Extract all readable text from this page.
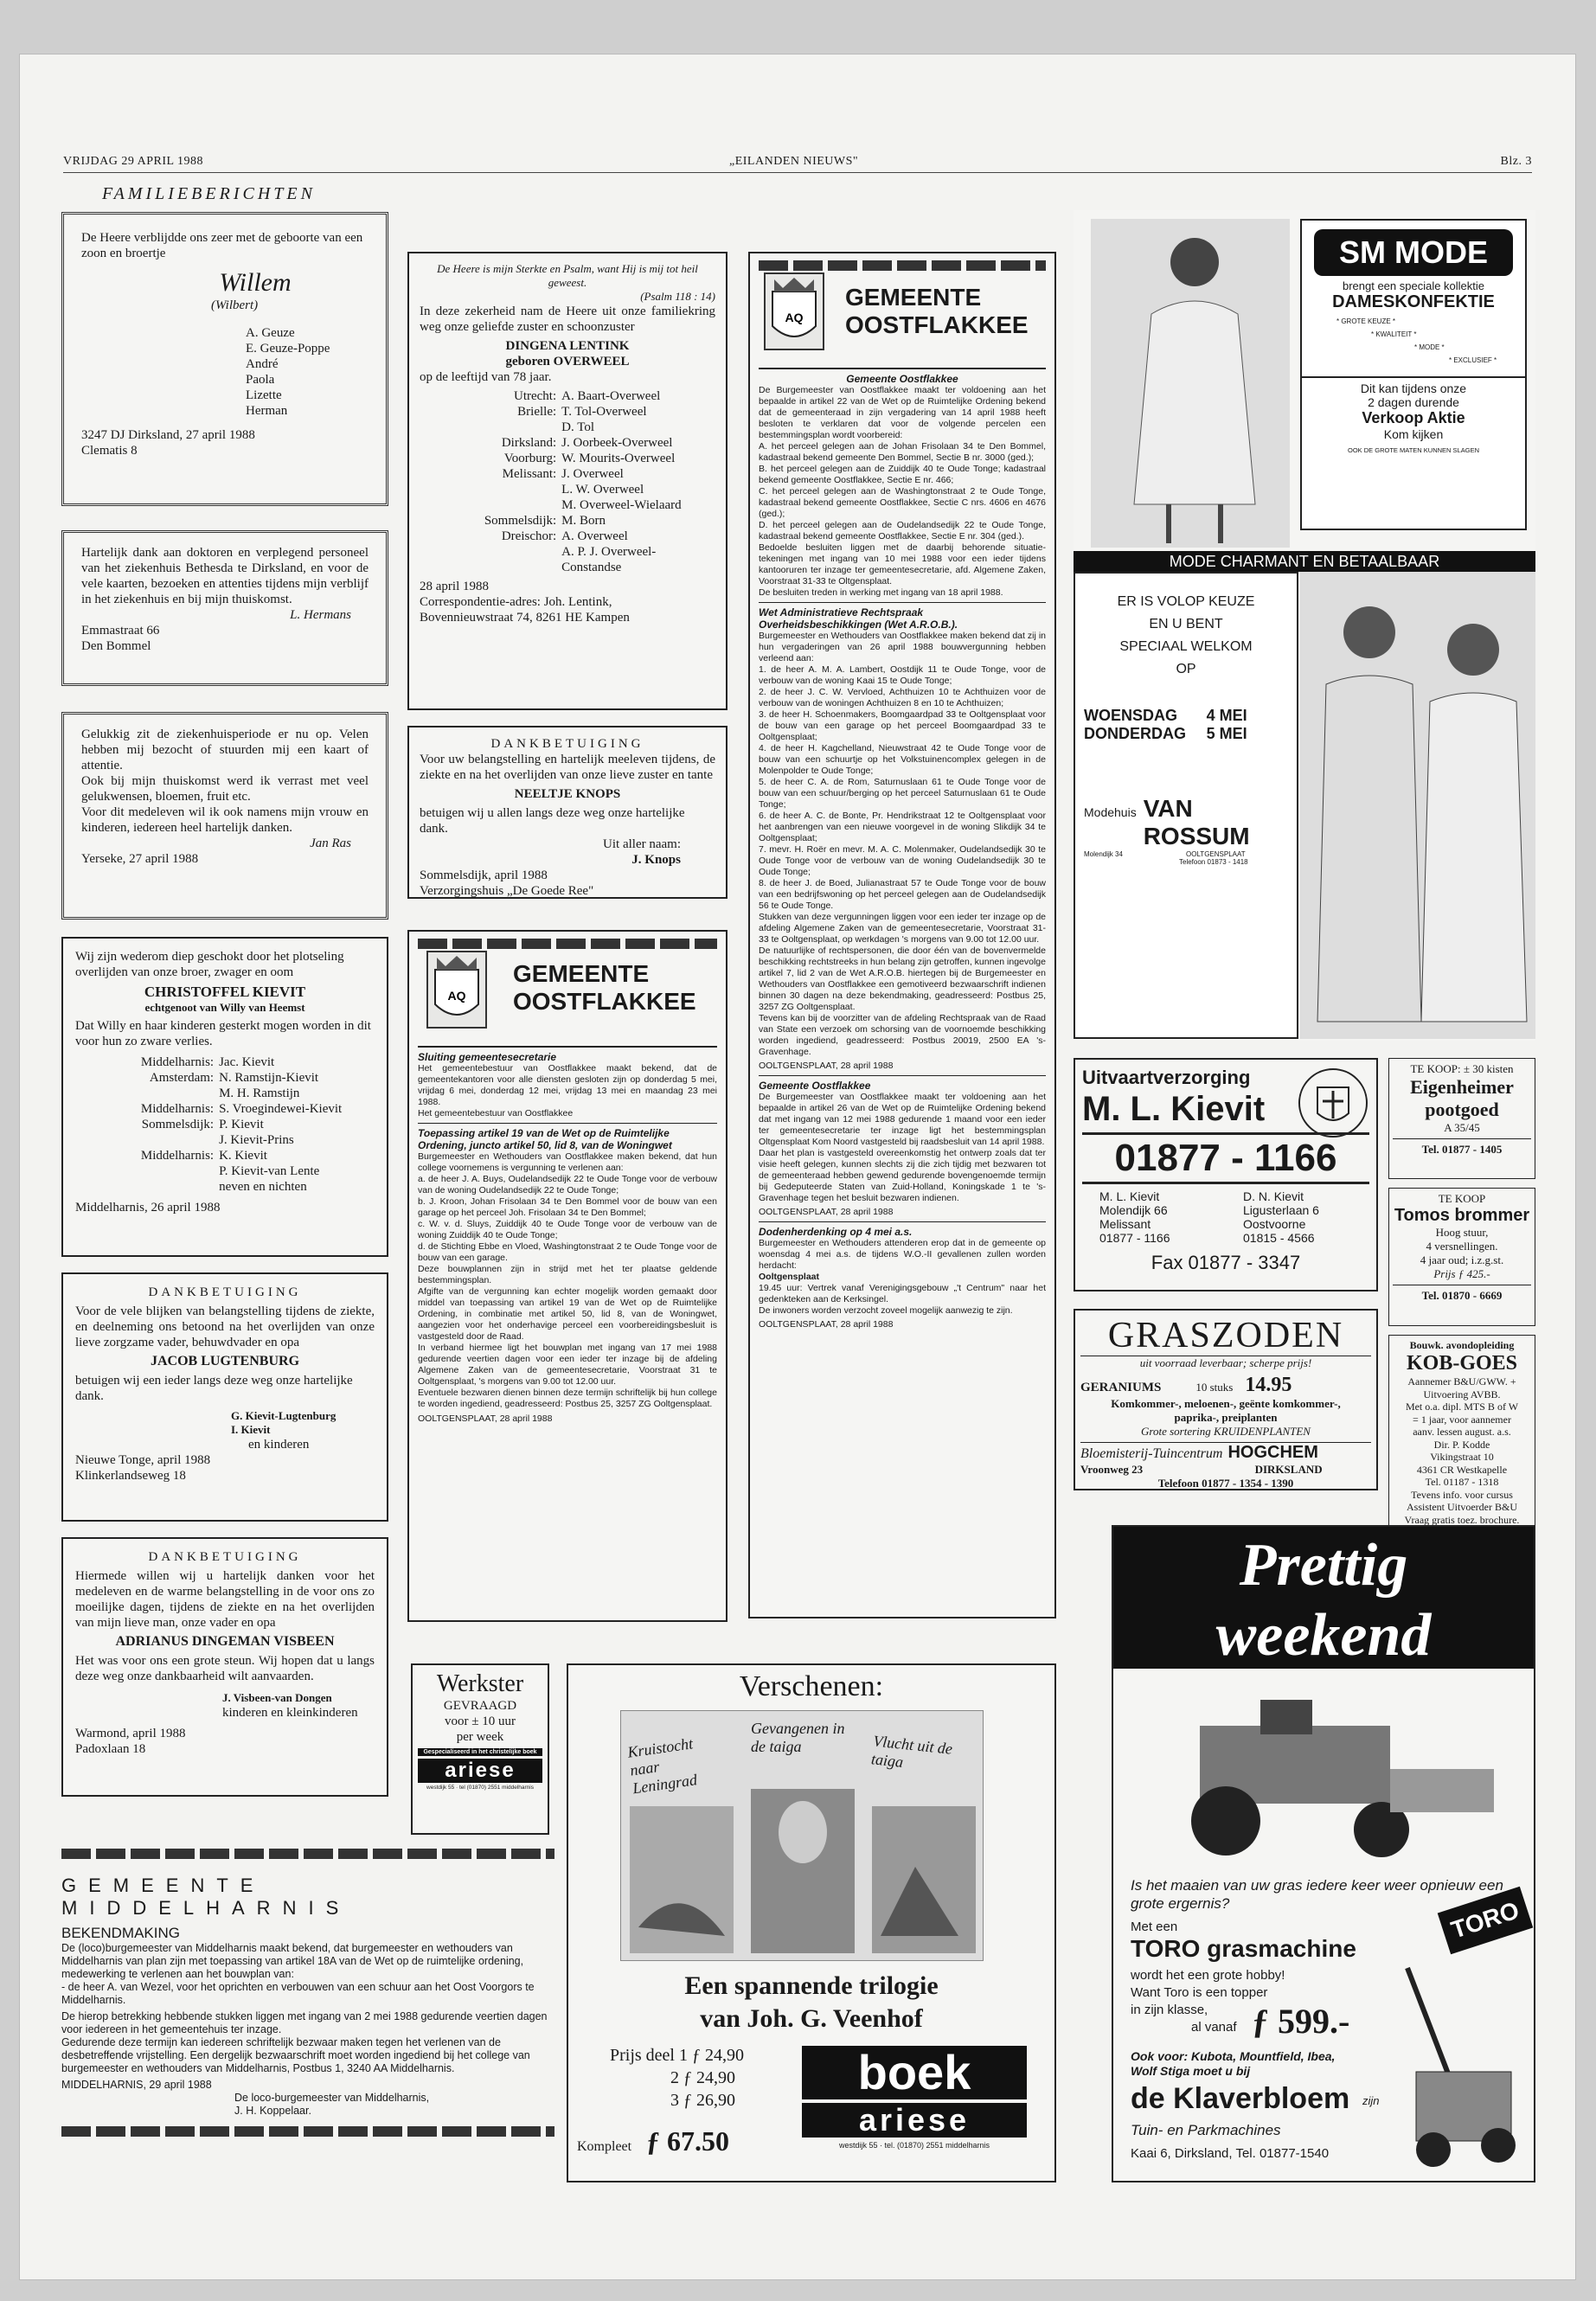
VRIJDAG 29 APRIL 1988	„EILANDEN NIEUWS"	Blz. 3
FAMILIEBERICHTEN
De Heere verblijdde ons zeer met de geboorte van een zoon en broertje
Willem
(Wilbert)
A. Geuze
E. Geuze-Poppe
André
Paola
Lizette
Herman
3247 DJ Dirksland, 27 april 1988
Clematis 8
Hartelijk dank aan doktoren en verplegend personeel van het ziekenhuis Bethesda te Dirksland, en voor de vele kaarten, bezoeken en attenties tijdens mijn verblijf in het ziekenhuis en bij mijn thuiskomst.
L. Hermans
Emmastraat 66
Den Bommel
Gelukkig zit de ziekenhuisperiode er nu op. Velen hebben mij bezocht of stuurden mij een kaart of attentie.
Ook bij mijn thuiskomst werd ik verrast met veel gelukwensen, bloemen, fruit etc.
Voor dit medeleven wil ik ook namens mijn vrouw en kinderen, iedereen heel hartelijk danken.
Jan Ras
Yerseke, 27 april 1988
Wij zijn wederom diep geschokt door het plotseling overlijden van onze broer, zwager en oom
CHRISTOFFEL KIEVIT
echtgenoot van Willy van Heemst
Dat Willy en haar kinderen gesterkt mogen worden in dit voor hun zo zware verlies.
Middelharnis: Jac. Kievit
Amsterdam: N. Ramstijn-Kievit
M. H. Ramstijn
Middelharnis: S. Vroegindewei-Kievit
Sommelsdijk: P. Kievit
J. Kievit-Prins
Middelharnis: K. Kievit
P. Kievit-van Lente
neven en nichten
Middelharnis, 26 april 1988
DANKBETUIGING
Voor de vele blijken van belangstelling tijdens de ziekte, en deelneming ons betoond na het overlijden van onze lieve zorgzame vader, behuwdvader en opa
JACOB LUGTENBURG
betuigen wij een ieder langs deze weg onze hartelijke dank.
G. Kievit-Lugtenburg
I. Kievit
en kinderen
Nieuwe Tonge, april 1988
Klinkerlandseweg 18
DANKBETUIGING
Hiermede willen wij u hartelijk danken voor het medeleven en de warme belangstelling in de voor ons zo moeilijke dagen, tijdens de ziekte en na het overlijden van mijn lieve man, onze vader en opa
ADRIANUS DINGEMAN VISBEEN
Het was voor ons een grote steun. Wij hopen dat u langs deze weg onze dankbaarheid wilt aanvaarden.
J. Visbeen-van Dongen
kinderen en kleinkinderen
Warmond, april 1988
Padoxlaan 18
De Heere is mijn Sterkte en Psalm, want Hij is mij tot heil geweest.
(Psalm 118 : 14)
In deze zekerheid nam de Heere uit onze familiekring weg onze geliefde zuster en schoonzuster
DINGENA LENTINK
geboren OVERWEEL
op de leeftijd van 78 jaar.
Utrecht: A. Baart-Overweel
Brielle: T. Tol-Overweel
D. Tol
Dirksland: J. Oorbeek-Overweel
Voorburg: W. Mourits-Overweel
Melissant: J. Overweel
L. W. Overweel
M. Overweel-Wielaard
Sommelsdijk: M. Born
Dreischor: A. Overweel
A. P. J. Overweel-Constandse
28 april 1988
Correspondentie-adres: Joh. Lentink,
Bovennieuwstraat 74, 8261 HE Kampen
DANKBETUIGING
Voor uw belangstelling en hartelijk meeleven tijdens, de ziekte en na het overlijden van onze lieve zuster en tante
NEELTJE KNOPS
betuigen wij u allen langs deze weg onze hartelijke dank.
Uit aller naam:
J. Knops
Sommelsdijk, april 1988
Verzorgingshuis „De Goede Ree"
AQ
GEMEENTE
OOSTFLAKKEE
Sluiting gemeentesecretarie
Het gemeentebestuur van Oostflakkee maakt bekend, dat de gemeentekantoren voor alle diensten gesloten zijn op donderdag 5 mei, vrijdag 6 mei, donderdag 12 mei, vrijdag 13 mei en maandag 23 mei 1988.
Het gemeentebestuur van Oostflakkee
Toepassing artikel 19 van de Wet op de Ruimtelijke Ordening, juncto artikel 50, lid 8, van de Woningwet
Burgemeester en Wethouders van Oostflakkee maken bekend, dat hun college voornemens is vergunning te verlenen aan:
a. de heer J. A. Buys, Oudelandsedijk 22 te Oude Tonge voor de verbouw van de woning Oudelandsedijk 22 te Oude Tonge;
b. J. Kroon, Johan Frisolaan 34 te Den Bommel voor de bouw van een garage op het perceel Joh. Frisolaan 34 te Den Bommel;
c. W. v. d. Sluys, Zuiddijk 40 te Oude Tonge voor de verbouw van de woning Zuiddijk 40 te Oude Tonge;
d. de Stichting Ebbe en Vloed, Washingtonstraat 2 te Oude Tonge voor de bouw van een garage.
Deze bouwplannen zijn in strijd met het ter plaatse geldende bestemmingsplan.
Afgifte van de vergunning kan echter mogelijk worden gemaakt door middel van toepassing van artikel 19 van de Wet op de Ruimtelijke Ordening, in combinatie met artikel 50, lid 8, van de Woningwet, aangezien voor het onderhavige perceel een voorbereidingsbesluit is vastgesteld door de Raad.
In verband hiermee ligt het bouwplan met ingang van 17 mei 1988 gedurende veertien dagen voor een ieder ter inzage bij de afdeling Algemene Zaken van de gemeentesecretarie, Voorstraat 31 te Ooltgensplaat, 's morgens van 9.00 tot 12.00 uur.
Eventuele bezwaren dienen binnen deze termijn schriftelijk bij hun college te worden ingediend, geadresseerd: Postbus 25, 3257 ZG Ooltgensplaat.
OOLTGENSPLAAT, 28 april 1988
Werkster
GEVRAAGD
voor ± 10 uur
per week
Gespecialiseerd in het christelijke boek
ariese
westdijk 55 · tel (01870) 2551 middelharnis
AQ
GEMEENTE
OOSTFLAKKEE
Gemeente Oostflakkee
De Burgemeester van Oostflakkee maakt ter voldoening aan het bepaalde in artikel 22 van de Wet op de Ruimtelijke Ordening bekend dat de gemeenteraad in zijn vergadering van 14 april 1988 heeft besloten te verklaren dat voor de volgende percelen een bestemmingsplan wordt voorbereid:
A. het perceel gelegen aan de Johan Frisolaan 34 te Den Bommel, kadastraal bekend gemeente Den Bommel, Sectie B nr. 3000 (ged.);
B. het perceel gelegen aan de Zuiddijk 40 te Oude Tonge; kadastraal bekend gemeente Oostflakkee, Sectie E nr. 466;
C. het perceel gelegen aan de Washingtonstraat 2 te Oude Tonge, kadastraal bekend gemeente Oostflakkee, Sectie C nrs. 4606 en 4676 (ged.);
D. het perceel gelegen aan de Oudelandsedijk 22 te Oude Tonge, kadastraal bekend gemeente Oostflakkee, Sectie E nr. 304 (ged.).
Bedoelde besluiten liggen met de daarbij behorende situatie-tekeningen met ingang van 10 mei 1988 voor een ieder tijdens kantooruren ter inzage ter gemeentesecretarie, afd. Algemene Zaken, Voorstraat 31-33 te Oltgensplaat.
De besluiten treden in werking met ingang van 18 april 1988.
Wet Administratieve Rechtspraak Overheidsbeschikkingen (Wet A.R.O.B.).
Burgemeester en Wethouders van Oostflakkee maken bekend dat zij in hun vergaderingen van 26 april 1988 bouwvergunning hebben verleend aan:
1. de heer A. M. A. Lambert, Oostdijk 11 te Oude Tonge, voor de verbouw van de woning Kaai 15 te Oude Tonge;
2. de heer J. C. W. Vervloed, Achthuizen 10 te Achthuizen voor de verbouw van de woningen Achthuizen 8 en 10 te Achthuizen;
3. de heer H. Schoenmakers, Boomgaardpad 33 te Ooltgensplaat voor de bouw van een garage op het perceel Boomgaardpad 33 te Ooltgensplaat;
4. de heer H. Kagchelland, Nieuwstraat 42 te Oude Tonge voor de bouw van een schuurtje op het Volkstuinencomplex gelegen in de Molenpolder te Oude Tonge;
5. de heer C. A. de Rom, Saturnuslaan 61 te Oude Tonge voor de bouw van een schuur/berging op het perceel Saturnuslaan 61 te Oude Tonge;
6. de heer A. C. de Bonte, Pr. Hendrikstraat 12 te Ooltgensplaat voor het aanbrengen van een nieuwe voorgevel in de woning Slikdijk 34 te Ooltgensplaat;
7. mevr. H. Roër en mevr. M. A. C. Molenmaker, Oudelandsedijk 30 te Oude Tonge voor de verbouw van de woning Oudelandsedijk 30 te Oude Tonge;
8. de heer J. de Boed, Julianastraat 57 te Oude Tonge voor de bouw van een bedrijfswoning op het perceel gelegen aan de Oudelandsedijk 56 te Oude Tonge.
Stukken van deze vergunningen liggen voor een ieder ter inzage op de afdeling Algemene Zaken van de gemeentesecretarie, Voorstraat 31-33 te Ooltgensplaat, op werkdagen 's morgens van 9.00 tot 12.00 uur.
De natuurlijke of rechtspersonen, die door één van de bovenvermelde beschikking rechtstreeks in hun belang zijn getroffen, kunnen ingevolge artikel 7, lid 2 van de Wet A.R.O.B. hiertegen bij de Burgemeester en Wethouders van Oostflakkee een gemotiveerd bezwaarschrift indienen binnen 30 dagen na deze bekendmaking, geadresseerd: Postbus 25, 3257 ZG Ooltgensplaat.
Tevens kan bij de voorzitter van de afdeling Rechtspraak van de Raad van State een verzoek om schorsing van de voornoemde beschikking worden ingediend, geadresseerd: Postbus 20019, 2500 EA 's-Gravenhage.
OOLTGENSPLAAT, 28 april 1988
Gemeente Oostflakkee
De Burgemeester van Oostflakkee maakt ter voldoening aan het bepaalde in artikel 26 van de Wet op de Ruimtelijke Ordening bekend dat met ingang van 12 mei 1988 gedurende 1 maand voor een ieder ter gemeentesecretarie ter inzage ligt het bestemmingsplan Oltgensplaat Kom Noord vastgesteld bij raadsbesluit van 14 april 1988.
Daar het plan is vastgesteld overeenkomstig het ontwerp zoals dat ter visie heeft gelegen, kunnen slechts zij die zich tijdig met bezwaren tot de gemeenteraad hebben gewend gedurende bovengenoemde termijn bij Gedeputeerde Staten van Zuid-Holland, Koningskade 1 te 's-Gravenhage tegen het besluit bezwaren indienen.
OOLTGENSPLAAT, 28 april 1988
Dodenherdenking op 4 mei a.s.
Burgemeester en Wethouders attenderen erop dat in de gemeente op woensdag 4 mei a.s. de tijdens W.O.-II gevallenen zullen worden herdacht:
Ooltgensplaat
19.45 uur: Vertrek vanaf Verenigingsgebouw „'t Centrum" naar het gedenkteken aan de Kerksingel.
De inwoners worden verzocht zoveel mogelijk aanwezig te zijn.
OOLTGENSPLAAT, 28 april 1988
Verschenen:
Kruistocht naar Leningrad
Gevangenen in de taiga	Vlucht uit de taiga
Een spannende trilogie
van Joh. G. Veenhof
Prijs deel 1 ƒ 24,90
2 ƒ 24,90
3 ƒ 26,90
Kompleet ƒ 67.50
boek
ariese
westdijk 55 · tel. (01870) 2551 middelharnis
GEMEENTE MIDDELHARNIS
BEKENDMAKING
De (loco)burgemeester van Middelharnis maakt bekend, dat burgemeester en wethouders van Middelharnis van plan zijn met toepassing van artikel 18A van de Wet op de ruimtelijke ordening, medewerking te verlenen aan het bouwplan van:
- de heer A. van Wezel, voor het oprichten en verbouwen van een schuur aan het Oost Voorgors te Middelharnis.
De hierop betrekking hebbende stukken liggen met ingang van 2 mei 1988 gedurende veertien dagen voor iedereen in het gemeentehuis ter inzage.
Gedurende deze termijn kan iedereen schriftelijk bezwaar maken tegen het verlenen van de desbetreffende vrijstelling. Een dergelijk bezwaarschrift moet worden ingediend bij het college van burgemeester en wethouders van Middelharnis, Postbus 1, 3240 AA Middelharnis.
MIDDELHARNIS, 29 april 1988
De loco-burgemeester van Middelharnis,
J. H. Koppelaar.
SM MODE
brengt een speciale kollektie
DAMESKONFEKTIE
* GROTE KEUZE *
* KWALITEIT *
* MODE *
* EXCLUSIEF *
Dit kan tijdens onze
2 dagen durende
Verkoop Aktie
Kom kijken
OOK DE GROTE MATEN KUNNEN SLAGEN
MODE CHARMANT EN BETAALBAAR
ER IS VOLOP KEUZE
EN U BENT
SPECIAAL WELKOM
OP
WOENSDAG	4 MEI
DONDERDAG	5 MEI
Modehuis VAN ROSSUM
Molendijk 34	OOLTGENSPLAAT
Telefoon 01873 - 1418
Uitvaartverzorging
M. L. Kievit
01877 - 1166
M. L. Kievit
Molendijk 66
Melissant
01877 - 1166
D. N. Kievit
Ligusterlaan 6
Oostvoorne
01815 - 4566
Fax 01877 - 3347
TE KOOP: ± 30 kisten
Eigenheimer
pootgoed
A 35/45
Tel. 01877 - 1405
TE KOOP
Tomos brommer
Hoog stuur,
4 versnellingen.
4 jaar oud; i.z.g.st.
Prijs ƒ 425.-
Tel. 01870 - 6669
GRASZODEN
uit voorraad leverbaar; scherpe prijs!
GERANIUMS	10 stuks 14.95
Komkommer-, meloenen-, geënte komkommer-,
paprika-, preiplanten
Grote sortering KRUIDENPLANTEN
Bloemisterij-Tuincentrum HOGCHEM
Vroonweg 23	DIRKSLAND
Telefoon 01877 - 1354 - 1390
Bouwk. avondopleiding
KOB-GOES
Aannemer B&U/GWW. +
Uitvoering AVBB.
Met o.a. dipl. MTS B of W
= 1 jaar, voor aannemer
aanv. lessen august. a.s.
Dir. P. Kodde
Vikingstraat 10
4361 CR Westkapelle
Tel. 01187 - 1318
Tevens info. voor cursus
Assistent Uitvoerder B&U
Vraag gratis toez. brochure.
Prettig
weekend
Is het maaien van uw gras iedere keer weer opnieuw een grote ergernis?
Met een
TORO grasmachine
wordt het een grote hobby!
Want Toro is een topper
in zijn klasse,
al vanaf ƒ 599.-
Ook voor: Kubota, Mountfield, Ibea, Wolf Stiga moet u bij
de Klaverbloem zijn
Tuin- en Parkmachines
Kaai 6, Dirksland, Tel. 01877-1540
TORO
